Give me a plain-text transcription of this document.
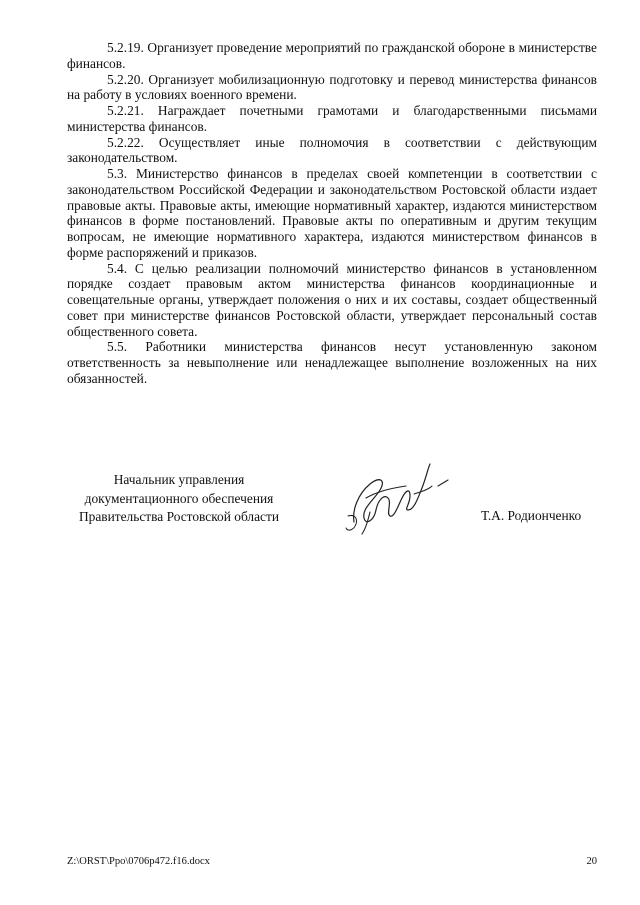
5.2.19. Организует проведение мероприятий по гражданской обороне в министерстве финансов.

5.2.20. Организует мобилизационную подготовку и перевод министерства финансов на работу в условиях военного времени.

5.2.21. Награждает почетными грамотами и благодарственными письмами министерства финансов.

5.2.22. Осуществляет иные полномочия в соответствии с действующим законодательством.

5.3. Министерство финансов в пределах своей компетенции в соответствии с законодательством Российской Федерации и законодательством Ростовской области издает правовые акты. Правовые акты, имеющие нормативный характер, издаются министерством финансов в форме постановлений. Правовые акты по оперативным и другим текущим вопросам, не имеющие нормативного характера, издаются министерством финансов в форме распоряжений и приказов.

5.4. С целью реализации полномочий министерство финансов в установленном порядке создает правовым актом министерства финансов координационные и совещательные органы, утверждает положения о них и их составы, создает общественный совет при министерстве финансов Ростовской области, утверждает персональный состав общественного совета.

5.5. Работники министерства финансов несут установленную законом ответственность за невыполнение или ненадлежащее выполнение возложенных на них обязанностей.

Начальник управления
документационного обеспечения
Правительства Ростовской области	Т.А. Родионченко
Z:\ORST\Ppo\0706p472.f16.docx	20
